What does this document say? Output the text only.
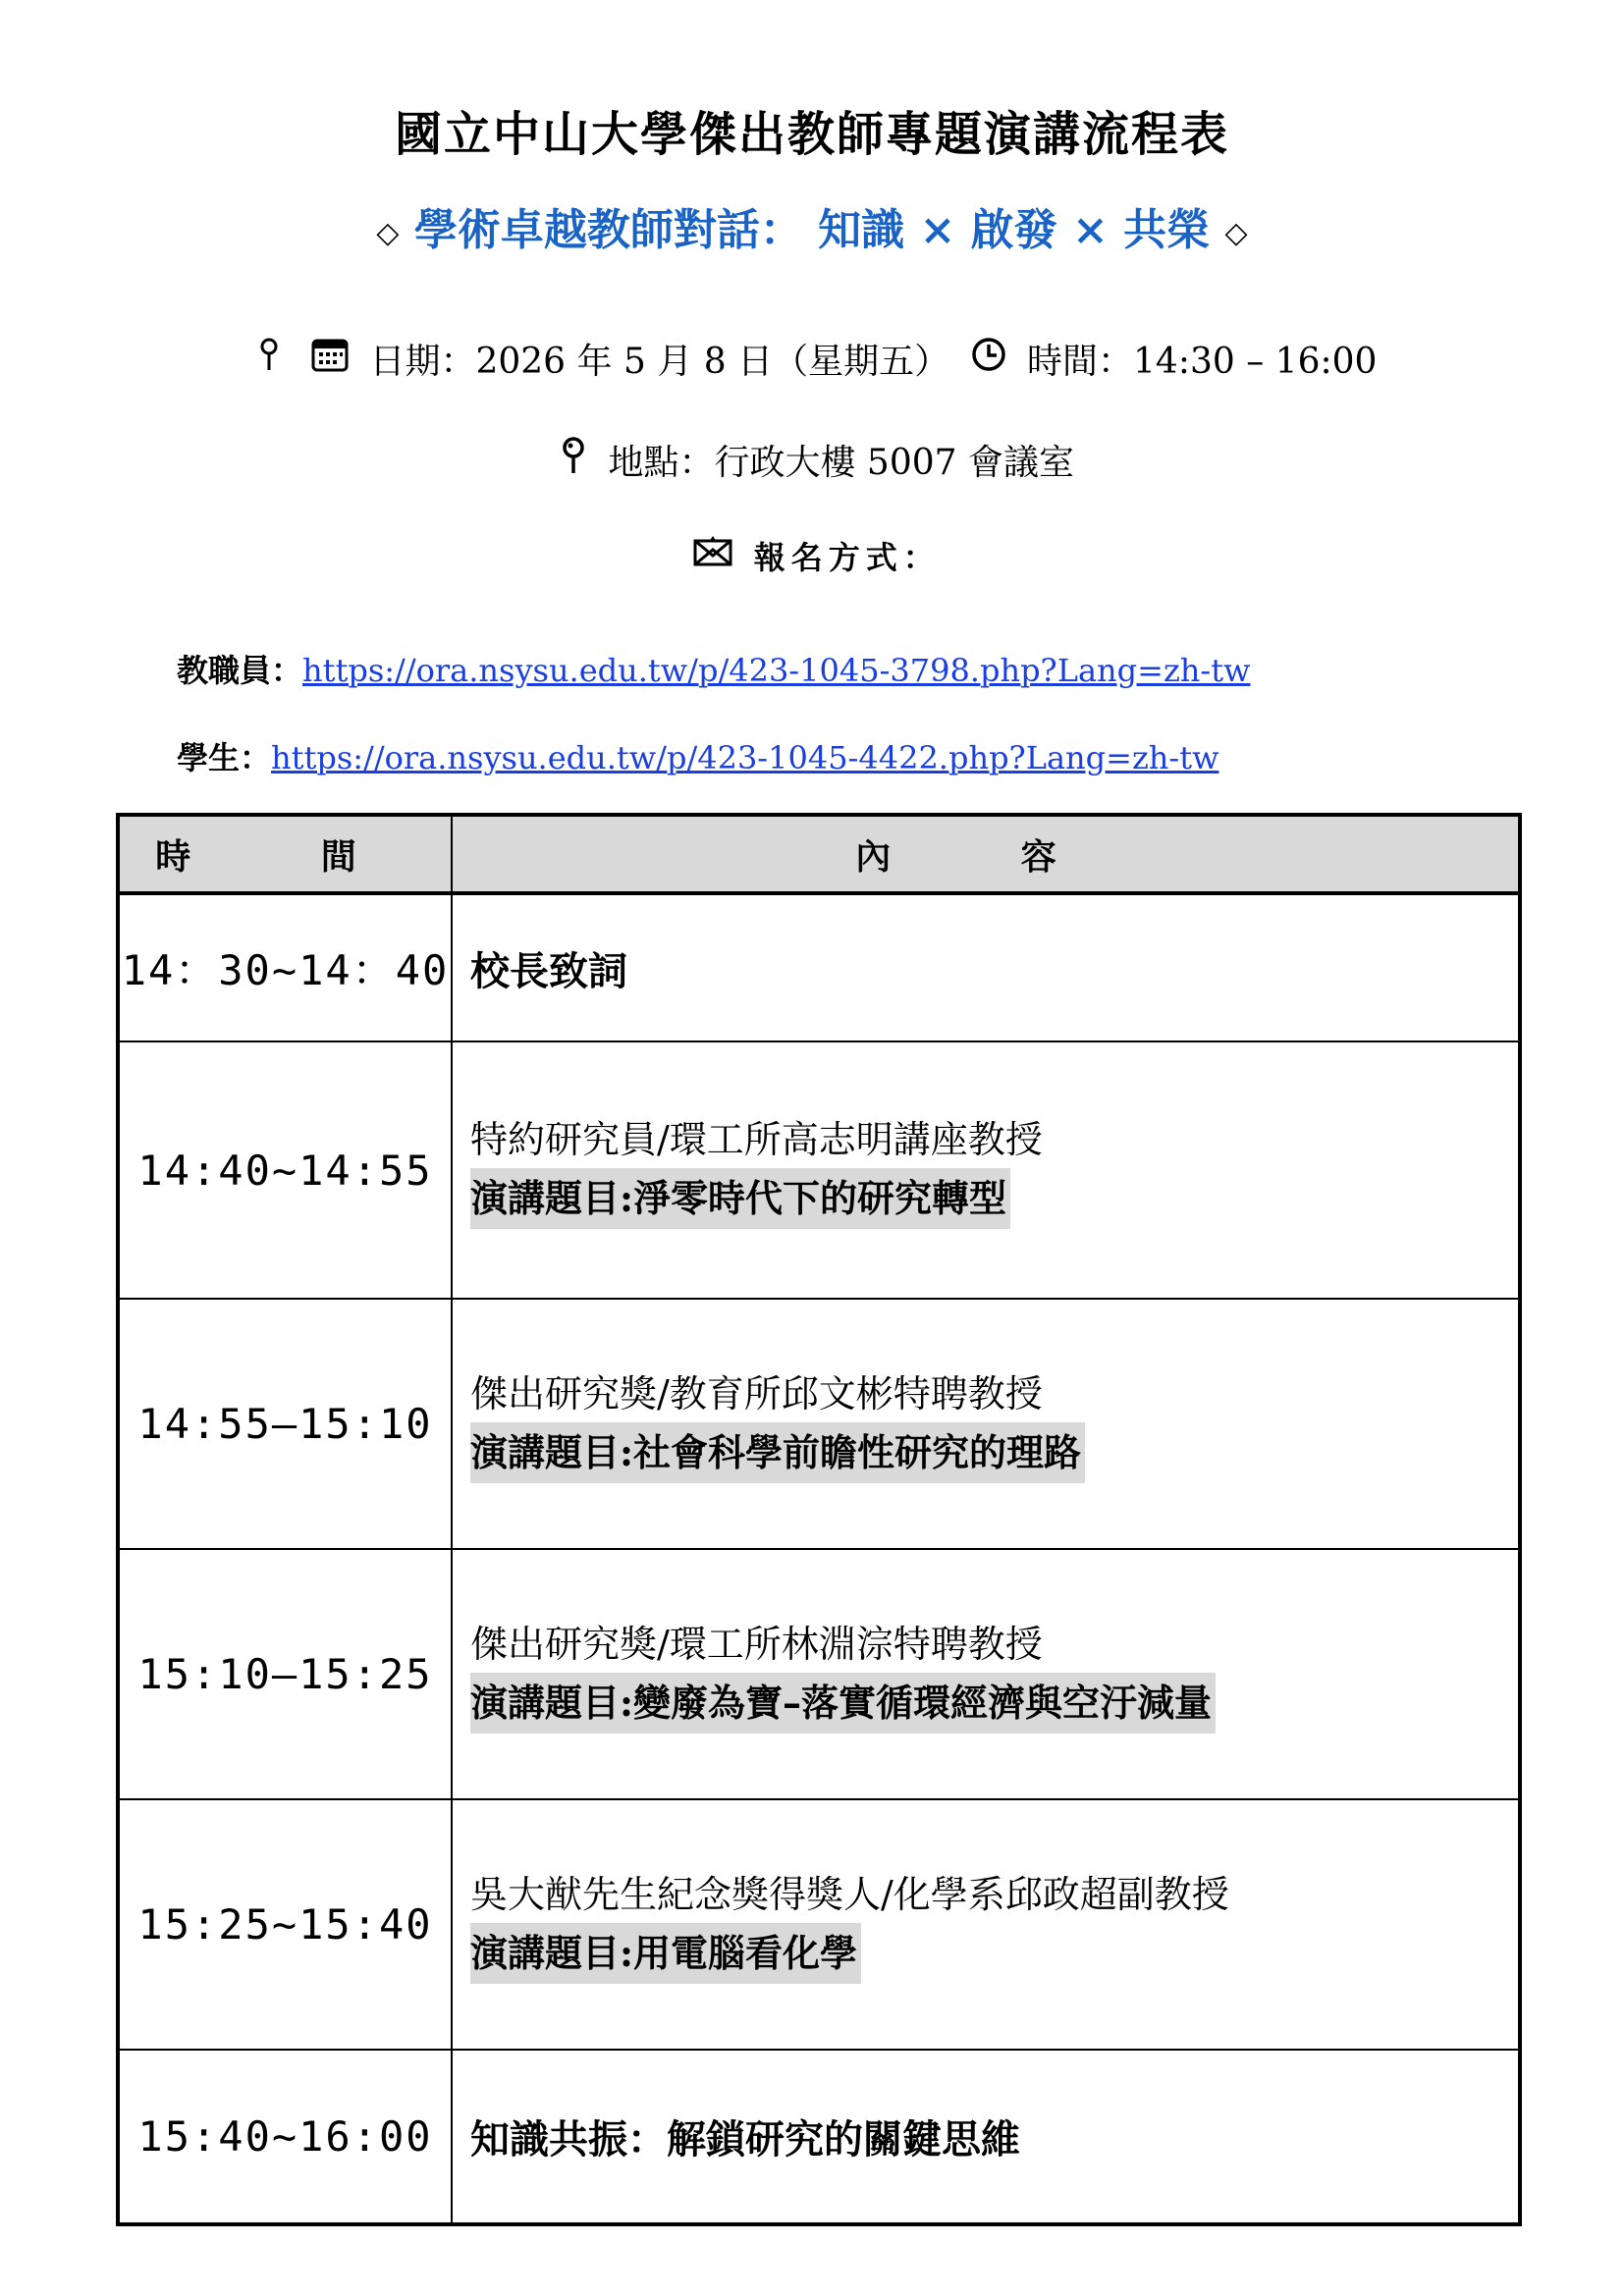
國立中山大學傑出教師專題演講流程表
◇ 學術卓越教師對話： 知識 × 啟發 × 共榮 ◇
日期：2026 年 5 月 8 日（星期五） 時間：14:30 – 16:00
地點：行政大樓 5007 會議室
報名方式：
教職員：https://ora.nsysu.edu.tw/p/423-1045-3798.php?Lang=zh-tw
學生：https://ora.nsysu.edu.tw/p/423-1045-4422.php?Lang=zh-tw
時 間	內 容
14：30~14：40	校長致詞
14:40~14:55	特約研究員/環工所高志明講座教授
演講題目:淨零時代下的研究轉型
14:55–15:10	傑出研究獎/教育所邱文彬特聘教授
演講題目:社會科學前瞻性研究的理路
15:10–15:25	傑出研究獎/環工所林淵淙特聘教授
演講題目:變廢為寶–落實循環經濟與空汙減量
15:25~15:40	吳大猷先生紀念獎得獎人/化學系邱政超副教授
演講題目:用電腦看化學
15:40~16:00	知識共振：解鎖研究的關鍵思維
